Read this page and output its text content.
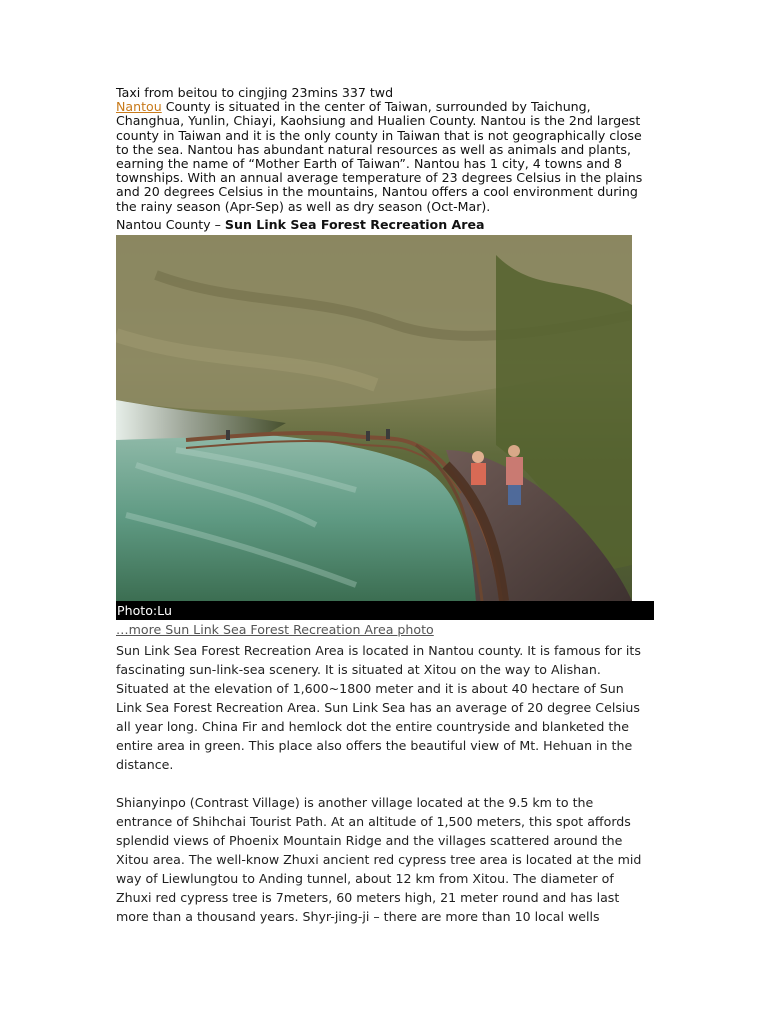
Taxi from beitou to cingjing 23mins 337 twd
Nantou County is situated in the center of Taiwan, surrounded by Taichung, Changhua, Yunlin, Chiayi, Kaohsiung and Hualien County. Nantou is the 2nd largest county in Taiwan and it is the only county in Taiwan that is not geographically close to the sea. Nantou has abundant natural resources as well as animals and plants, earning the name of “Mother Earth of Taiwan”. Nantou has 1 city, 4 towns and 8 townships. With an annual average temperature of 23 degrees Celsius in the plains and 20 degrees Celsius in the mountains, Nantou offers a cool environment during the rainy season (Apr-Sep) as well as dry season (Oct-Mar).

Nantou County – Sun Link Sea Forest Recreation Area
Photo:Lu
…more Sun Link Sea Forest Recreation Area photo

Sun Link Sea Forest Recreation Area is located in Nantou county. It is famous for its fascinating sun-link-sea scenery. It is situated at Xitou on the way to Alishan. Situated at the elevation of 1,600~1800 meter and it is about 40 hectare of Sun Link Sea Forest Recreation Area. Sun Link Sea has an average of 20 degree Celsius all year long. China Fir and hemlock dot the entire countryside and blanketed the entire area in green. This place also offers the beautiful view of Mt. Hehuan in the distance.

Shianyinpo (Contrast Village) is another village located at the 9.5 km to the entrance of Shihchai Tourist Path. At an altitude of 1,500 meters, this spot affords splendid views of Phoenix Mountain Ridge and the villages scattered around the Xitou area. The well-know Zhuxi ancient red cypress tree area is located at the mid way of Liewlungtou to Anding tunnel, about 12 km from Xitou. The diameter of Zhuxi red cypress tree is 7meters, 60 meters high, 21 meter round and has last more than a thousand years. Shyr-jing-ji – there are more than 10 local wells
